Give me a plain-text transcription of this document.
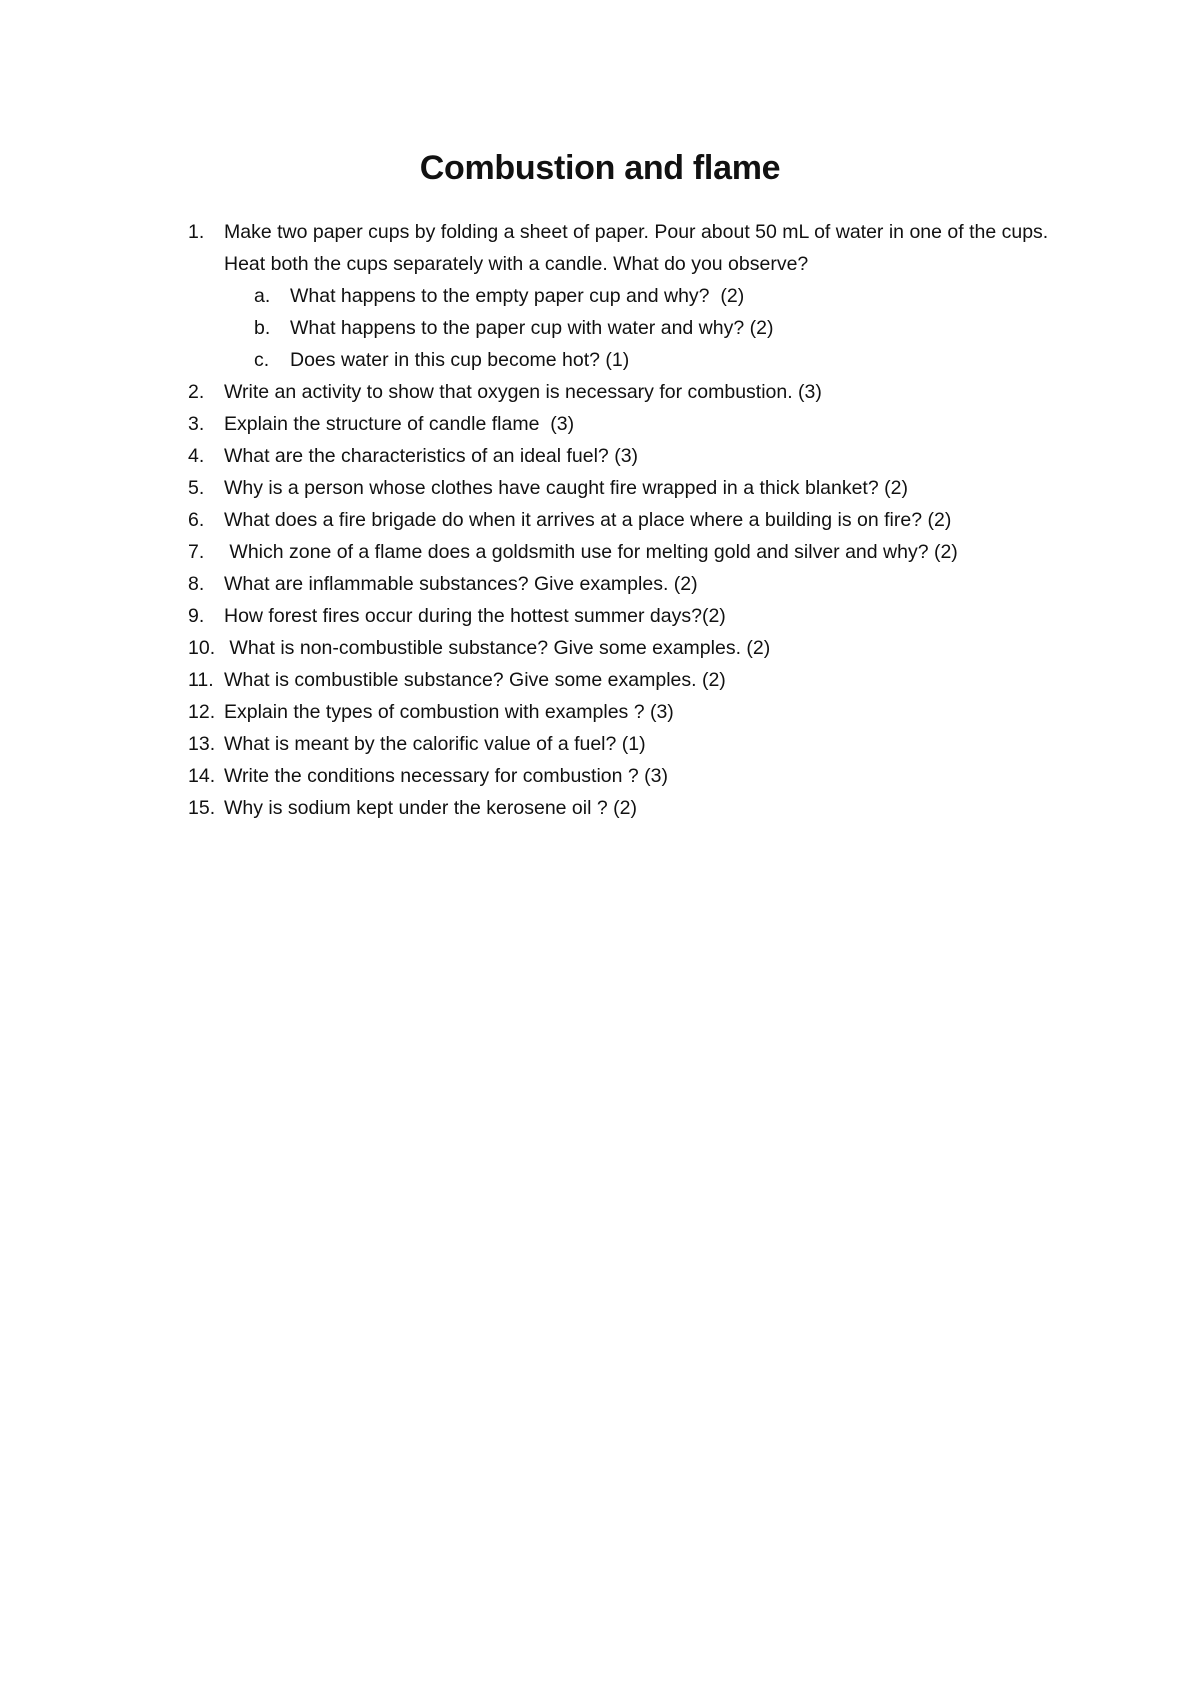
Combustion and flame
1. Make two paper cups by folding a sheet of paper. Pour about 50 mL of water in one of the cups. Heat both the cups separately with a candle. What do you observe?
a. What happens to the empty paper cup and why?  (2)
b. What happens to the paper cup with water and why? (2)
c. Does water in this cup become hot? (1)
2. Write an activity to show that oxygen is necessary for combustion. (3)
3. Explain the structure of candle flame  (3)
4. What are the characteristics of an ideal fuel? (3)
5. Why is a person whose clothes have caught fire wrapped in a thick blanket? (2)
6. What does a fire brigade do when it arrives at a place where a building is on fire? (2)
7. Which zone of a flame does a goldsmith use for melting gold and silver and why? (2)
8. What are inflammable substances? Give examples. (2)
9. How forest fires occur during the hottest summer days?(2)
10. What is non-combustible substance? Give some examples. (2)
11. What is combustible substance? Give some examples. (2)
12. Explain the types of combustion with examples ? (3)
13. What is meant by the calorific value of a fuel? (1)
14. Write the conditions necessary for combustion ? (3)
15. Why is sodium kept under the kerosene oil ? (2)
